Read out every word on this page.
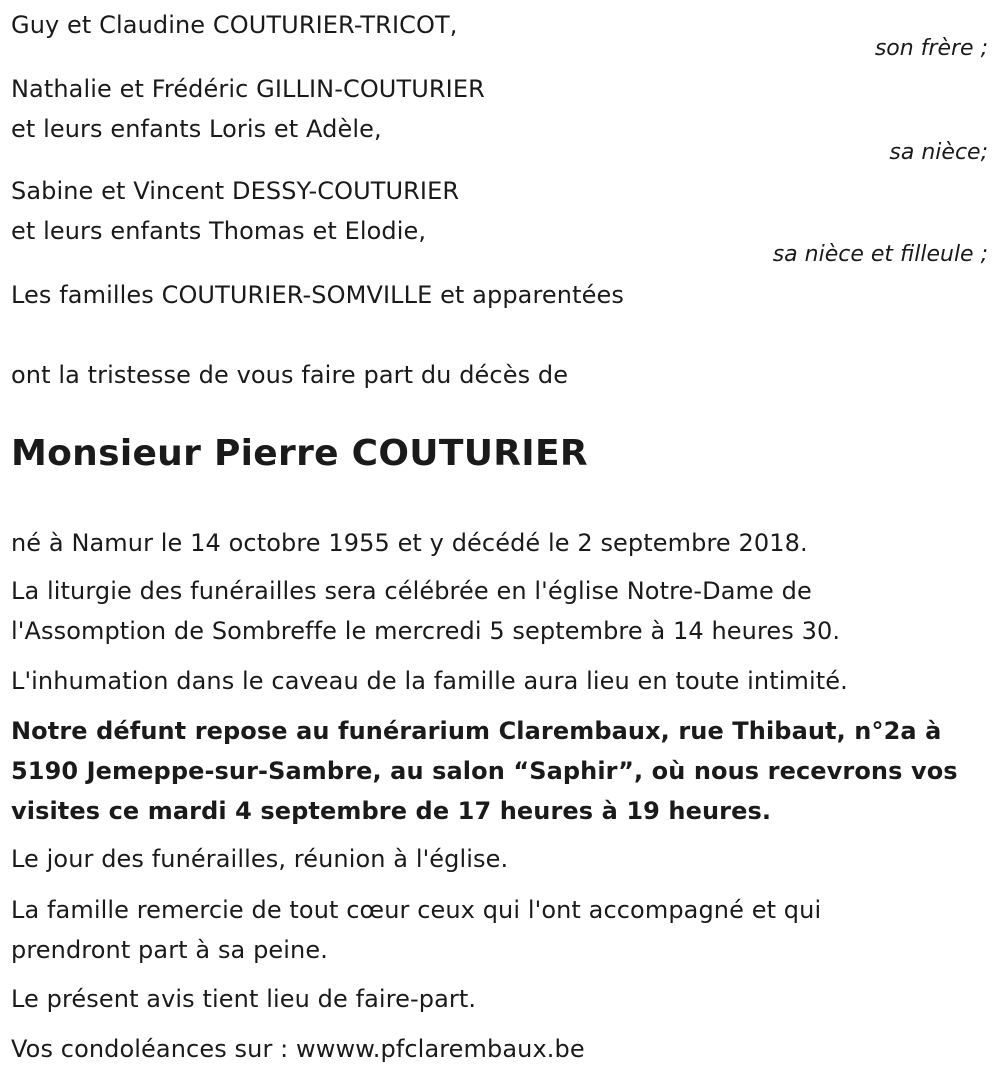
Guy et Claudine COUTURIER-TRICOT,
son frère ;
Nathalie et Frédéric GILLIN-COUTURIER
et leurs enfants Loris et Adèle,
sa nièce;
Sabine et Vincent DESSY-COUTURIER
et leurs enfants Thomas et Elodie,
sa nièce et filleule ;
Les familles COUTURIER-SOMVILLE et apparentées
ont la tristesse de vous faire part du décès de
Monsieur Pierre COUTURIER
né à Namur le 14 octobre 1955 et y décédé le 2 septembre 2018.
La liturgie des funérailles sera célébrée en l'église Notre-Dame de
l'Assomption de Sombreffe le mercredi 5 septembre à 14 heures 30.
L'inhumation dans le caveau de la famille aura lieu en toute intimité.
Notre défunt repose au funérarium Clarembaux, rue Thibaut, n°2a à
5190 Jemeppe-sur-Sambre, au salon “Saphir”, où nous recevrons vos
visites ce mardi 4 septembre de 17 heures à 19 heures.
Le jour des funérailles, réunion à l'église.
La famille remercie de tout cœur ceux qui l'ont accompagné et qui
prendront part à sa peine.
Le présent avis tient lieu de faire-part.
Vos condoléances sur : wwww.pfclarembaux.be
